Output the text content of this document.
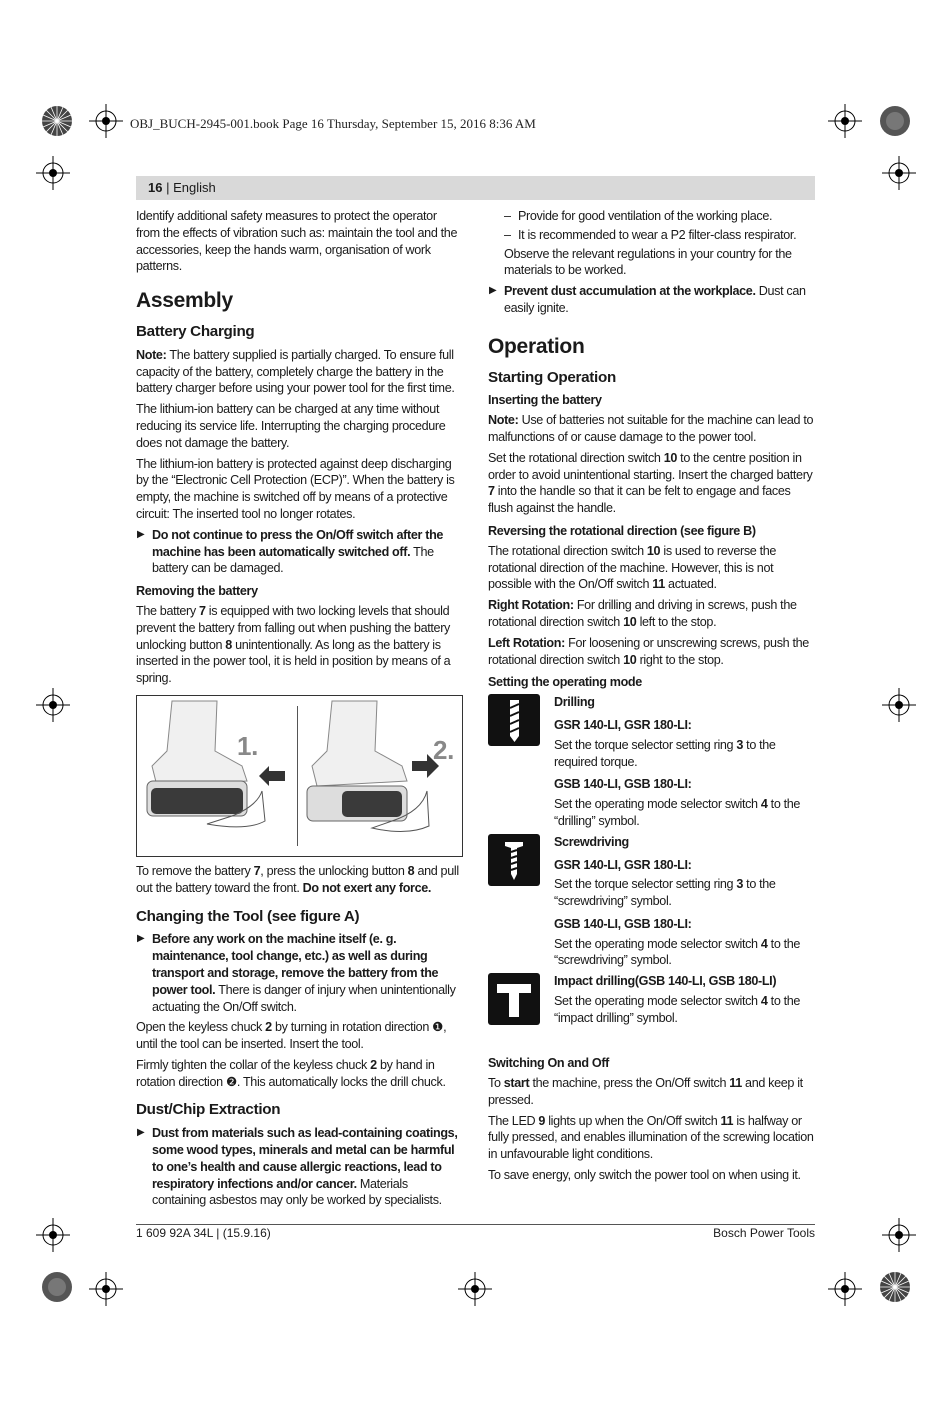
OBJ_BUCH-2945-001.book Page 16 Thursday, September 15, 2016 8:36 AM
16 | English

Identify additional safety measures to protect the operator from the effects of vibration such as: maintain the tool and the accessories, keep the hands warm, organisation of work patterns.

Assembly
Battery Charging

Note: The battery supplied is partially charged. To ensure full capacity of the battery, completely charge the battery in the battery charger before using your power tool for the first time.

The lithium-ion battery can be charged at any time without reducing its service life. Interrupting the charging procedure does not damage the battery.

The lithium-ion battery is protected against deep discharging by the “Electronic Cell Protection (ECP)”. When the battery is empty, the machine is switched off by means of a protective circuit: The inserted tool no longer rotates.

▶ Do not continue to press the On/Off switch after the machine has been automatically switched off. The battery can be damaged.
Removing the battery

The battery 7 is equipped with two locking levels that should prevent the battery from falling out when pushing the battery unlocking button 8 unintentionally. As long as the battery is inserted in the power tool, it is held in position by means of a spring.

1.	2.

To remove the battery 7, press the unlocking button 8 and pull out the battery toward the front. Do not exert any force.

Changing the Tool (see figure A)
▶ Before any work on the machine itself (e. g. maintenance, tool change, etc.) as well as during transport and storage, remove the battery from the power tool. There is danger of injury when unintentionally actuating the On/Off switch.

Open the keyless chuck 2 by turning in rotation direction ❶, until the tool can be inserted. Insert the tool.

Firmly tighten the collar of the keyless chuck 2 by hand in rotation direction ❷. This automatically locks the drill chuck.

Dust/Chip Extraction
▶ Dust from materials such as lead-containing coatings, some wood types, minerals and metal can be harmful to one’s health and cause allergic reactions, lead to respiratory infections and/or cancer. Materials containing asbestos may only be worked by specialists.
– Provide for good ventilation of the working place.
– It is recommended to wear a P2 filter-class respirator.

Observe the relevant regulations in your country for the materials to be worked.

▶ Prevent dust accumulation at the workplace. Dust can easily ignite.
Operation
Starting Operation
Inserting the battery

Note: Use of batteries not suitable for the machine can lead to malfunctions of or cause damage to the power tool.

Set the rotational direction switch 10 to the centre position in order to avoid unintentional starting. Insert the charged battery 7 into the handle so that it can be felt to engage and faces flush against the handle.

Reversing the rotational direction (see figure B)

The rotational direction switch 10 is used to reverse the rotational direction of the machine. However, this is not possible with the On/Off switch 11 actuated.

Right Rotation: For drilling and driving in screws, push the rotational direction switch 10 left to the stop.

Left Rotation: For loosening or unscrewing screws, push the rotational direction switch 10 right to the stop.

Setting the operating mode
Drilling
GSR 140-LI, GSR 180-LI:

Set the torque selector setting ring 3 to the required torque.

GSB 140-LI, GSB 180-LI:

Set the operating mode selector switch 4 to the “drilling” symbol.

Screwdriving
GSR 140-LI, GSR 180-LI:

Set the torque selector setting ring 3 to the “screwdriving” symbol.

GSB 140-LI, GSB 180-LI:

Set the operating mode selector switch 4 to the “screwdriving” symbol.

Impact drilling(GSB 140-LI, GSB 180-LI)

Set the operating mode selector switch 4 to the “impact drilling” symbol.

Switching On and Off

To start the machine, press the On/Off switch 11 and keep it pressed.

The LED 9 lights up when the On/Off switch 11 is halfway or fully pressed, and enables illumination of the screwing location in unfavourable light conditions.

To save energy, only switch the power tool on when using it.

1 609 92A 34L | (15.9.16)	Bosch Power Tools
